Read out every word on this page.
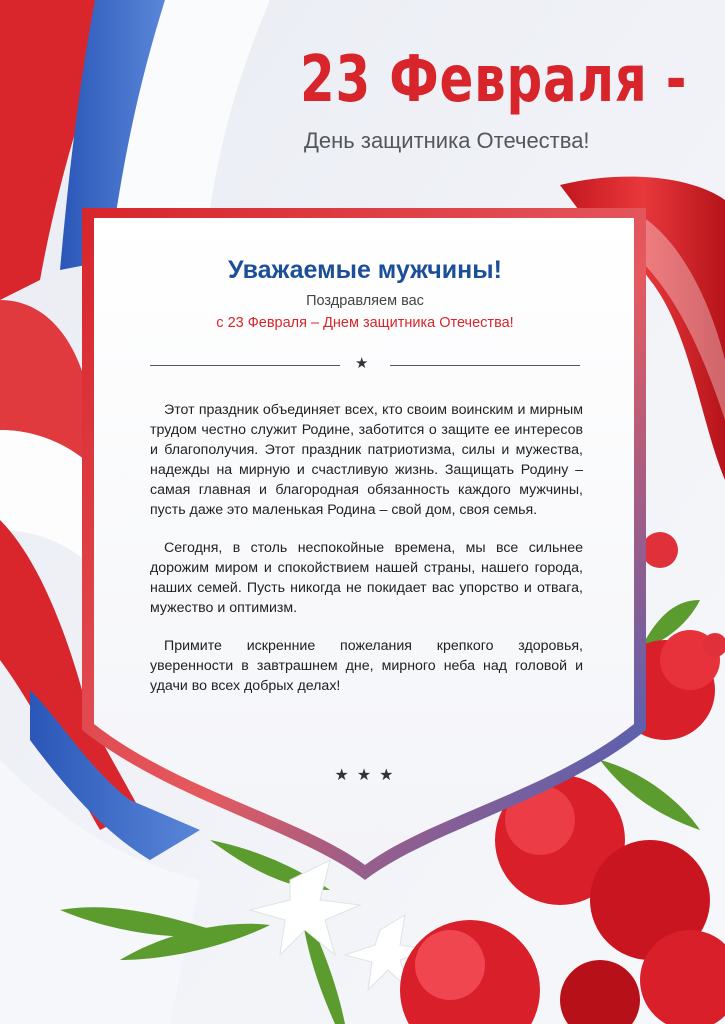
23 Февраля -
День защитника Отечества!
Уважаемые мужчины!
Поздравляем вас
с 23 Февраля – Днем защитника Отечества!
★

Этот праздник объединяет всех, кто своим воинским и мирным трудом честно служит Родине, заботится о защите ее интересов и благополучия. Этот праздник патриотизма, силы и мужества, надежды на мирную и счастливую жизнь. Защищать Родину – самая главная и благородная обязанность каждого мужчины, пусть даже это маленькая Родина – свой дом, своя семья.

Сегодня, в столь неспокойные времена, мы все сильнее дорожим миром и спокойствием нашей страны, нашего города, наших семей. Пусть никогда не покидает вас упорство и отвага, мужество и оптимизм.

Примите искренние пожелания крепкого здоровья, уверенности в завтрашнем дне, мирного неба над головой и удачи во всех добрых делах!

★★★
